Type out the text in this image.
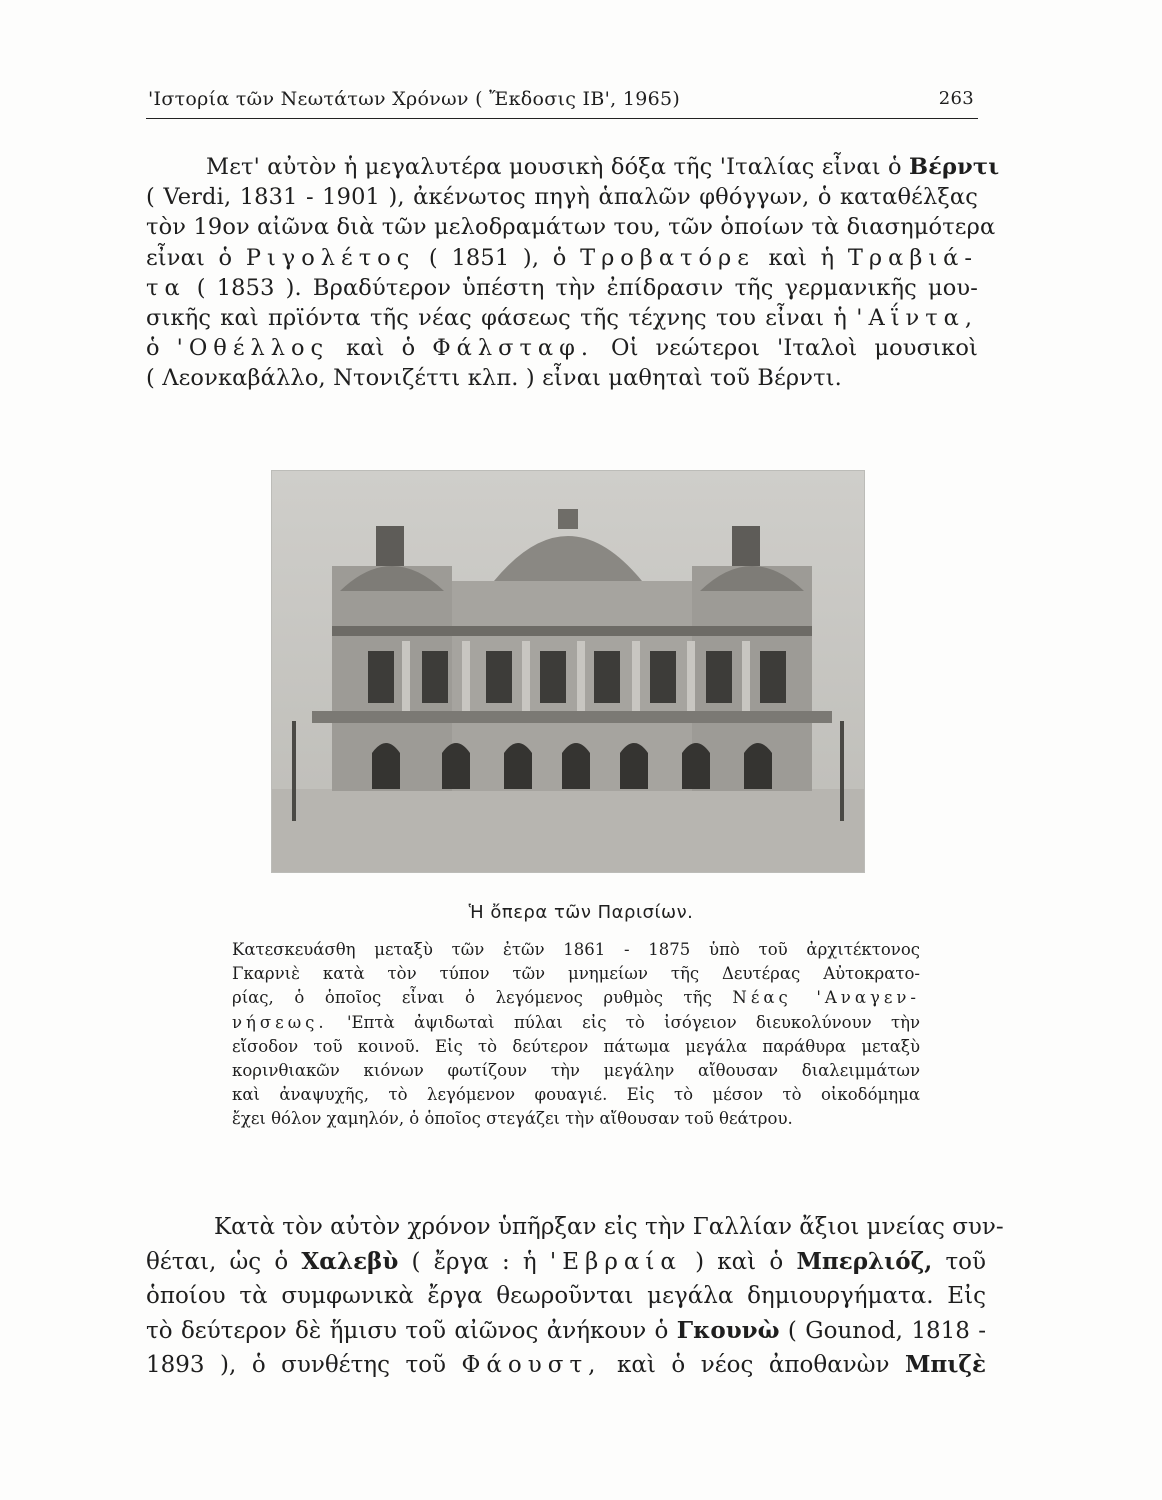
'Ιστορία τῶν Νεωτάτων Χρόνων ( Ἔκδοσις ΙΒ', 1965)	263
Μετ' αὐτὸν ἡ μεγαλυτέρα μουσικὴ δόξα τῆς 'Ιταλίας εἶναι ὁ Βέρντι
( Verdi, 1831 - 1901 ), ἀκένωτος πηγὴ ἁπαλῶν φθόγγων, ὁ καταθέλξας
τὸν 19ον αἰῶνα διὰ τῶν μελοδραμάτων του, τῶν ὁποίων τὰ διασημότερα
εἶναι ὁ Ριγολέτος ( 1851 ), ὁ Τροβατόρε καὶ ἡ Τραβιά-
τα ( 1853 ). Βραδύτερον ὑπέστη τὴν ἐπίδρασιν τῆς γερμανικῆς μου-
σικῆς καὶ πρϊόντα τῆς νέας φάσεως τῆς τέχνης του εἶναι ἡ 'Αΐντα,
ὁ 'Οθέλλος καὶ ὁ Φάλσταφ. Οἱ νεώτεροι 'Ιταλοὶ μουσικοὶ
( Λεονκαβάλλο, Ντονιζέττι κλπ. ) εἶναι μαθηταὶ τοῦ Βέρντι.
Ἡ ὄπερα τῶν Παρισίων.
Κατεσκευάσθη μεταξὺ τῶν ἐτῶν 1861 - 1875 ὑπὸ τοῦ ἀρχιτέκτονος
Γκαρνιὲ κατὰ τὸν τύπον τῶν μνημείων τῆς Δευτέρας Αὐτοκρατο-
ρίας, ὁ ὁποῖος εἶναι ὁ λεγόμενος ρυθμὸς τῆς Νέας 'Αναγεν-
νήσεως. 'Επτὰ ἀψιδωταὶ πύλαι εἰς τὸ ἰσόγειον διευκολύνουν τὴν
εἴσοδον τοῦ κοινοῦ. Εἰς τὸ δεύτερον πάτωμα μεγάλα παράθυρα μεταξὺ
κορινθιακῶν κιόνων φωτίζουν τὴν μεγάλην αἴθουσαν διαλειμμάτων
καὶ ἀναψυχῆς, τὸ λεγόμενον φουαγιέ. Εἰς τὸ μέσον τὸ οἰκοδόμημα
ἔχει θόλον χαμηλόν, ὁ ὁποῖος στεγάζει τὴν αἴθουσαν τοῦ θεάτρου.
Κατὰ τὸν αὐτὸν χρόνον ὑπῆρξαν εἰς τὴν Γαλλίαν ἄξιοι μνείας συν-
θέται, ὡς ὁ Χαλεβὺ ( ἔργα : ἡ 'Εβραία ) καὶ ὁ Μπερλιόζ, τοῦ
ὁποίου τὰ συμφωνικὰ ἔργα θεωροῦνται μεγάλα δημιουργήματα. Εἰς
τὸ δεύτερον δὲ ἥμισυ τοῦ αἰῶνος ἀνήκουν ὁ Γκουνὼ ( Gounod, 1818 -
1893 ), ὁ συνθέτης τοῦ Φάουστ, καὶ ὁ νέος ἀποθανὼν Μπιζὲ
